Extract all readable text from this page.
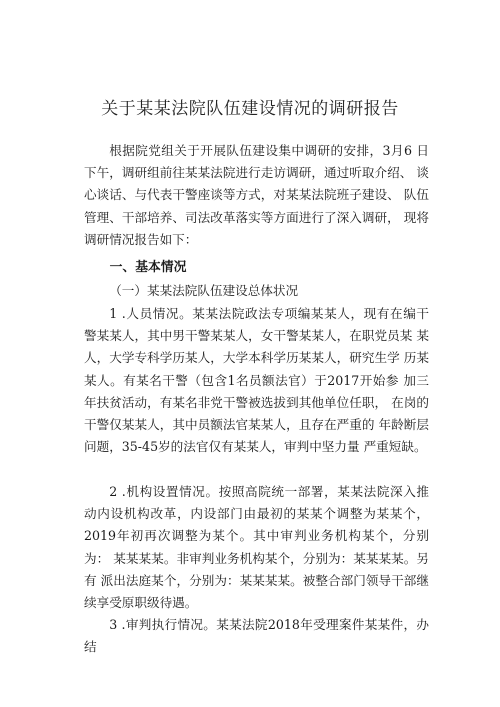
关于某某法院队伍建设情况的调研报告

根据院党组关于开展队伍建设集中调研的安排，3月6 日下午，调研组前往某某法院进行走访调研，通过听取介绍、 谈心谈话、与代表干警座谈等方式，对某某法院班子建设、 队伍管理、干部培养、司法改革落实等方面进行了深入调研， 现将调研情况报告如下：

一、基本情况

（一）某某法院队伍建设总体状况

1 .人员情况。某某法院政法专项编某某人，现有在编干 警某某人，其中男干警某某人，女干警某某人，在职党员某 某人，大学专科学历某人，大学本科学历某某人，研究生学 历某某人。有某名干警（包含1名员额法官）于2017开始参 加三年扶贫活动，有某名非党干警被选拔到其他单位任职， 在岗的干警仅某某人，其中员额法官某某人，且存在严重的 年龄断层问题，35-45岁的法官仅有某某人，审判中坚力量 严重短缺。

2 .机构设置情况。按照高院统一部署，某某法院深入推 动内设机构改革，内设部门由最初的某某个调整为某某个， 2019年初再次调整为某个。其中审判业务机构某个，分别为： 某某某某。非审判业务机构某个，分别为：某某某某。另有 派出法庭某个，分别为：某某某某。被整合部门领导干部继 续享受原职级待遇。

3 .审判执行情况。某某法院2018年受理案件某某件，办 结
